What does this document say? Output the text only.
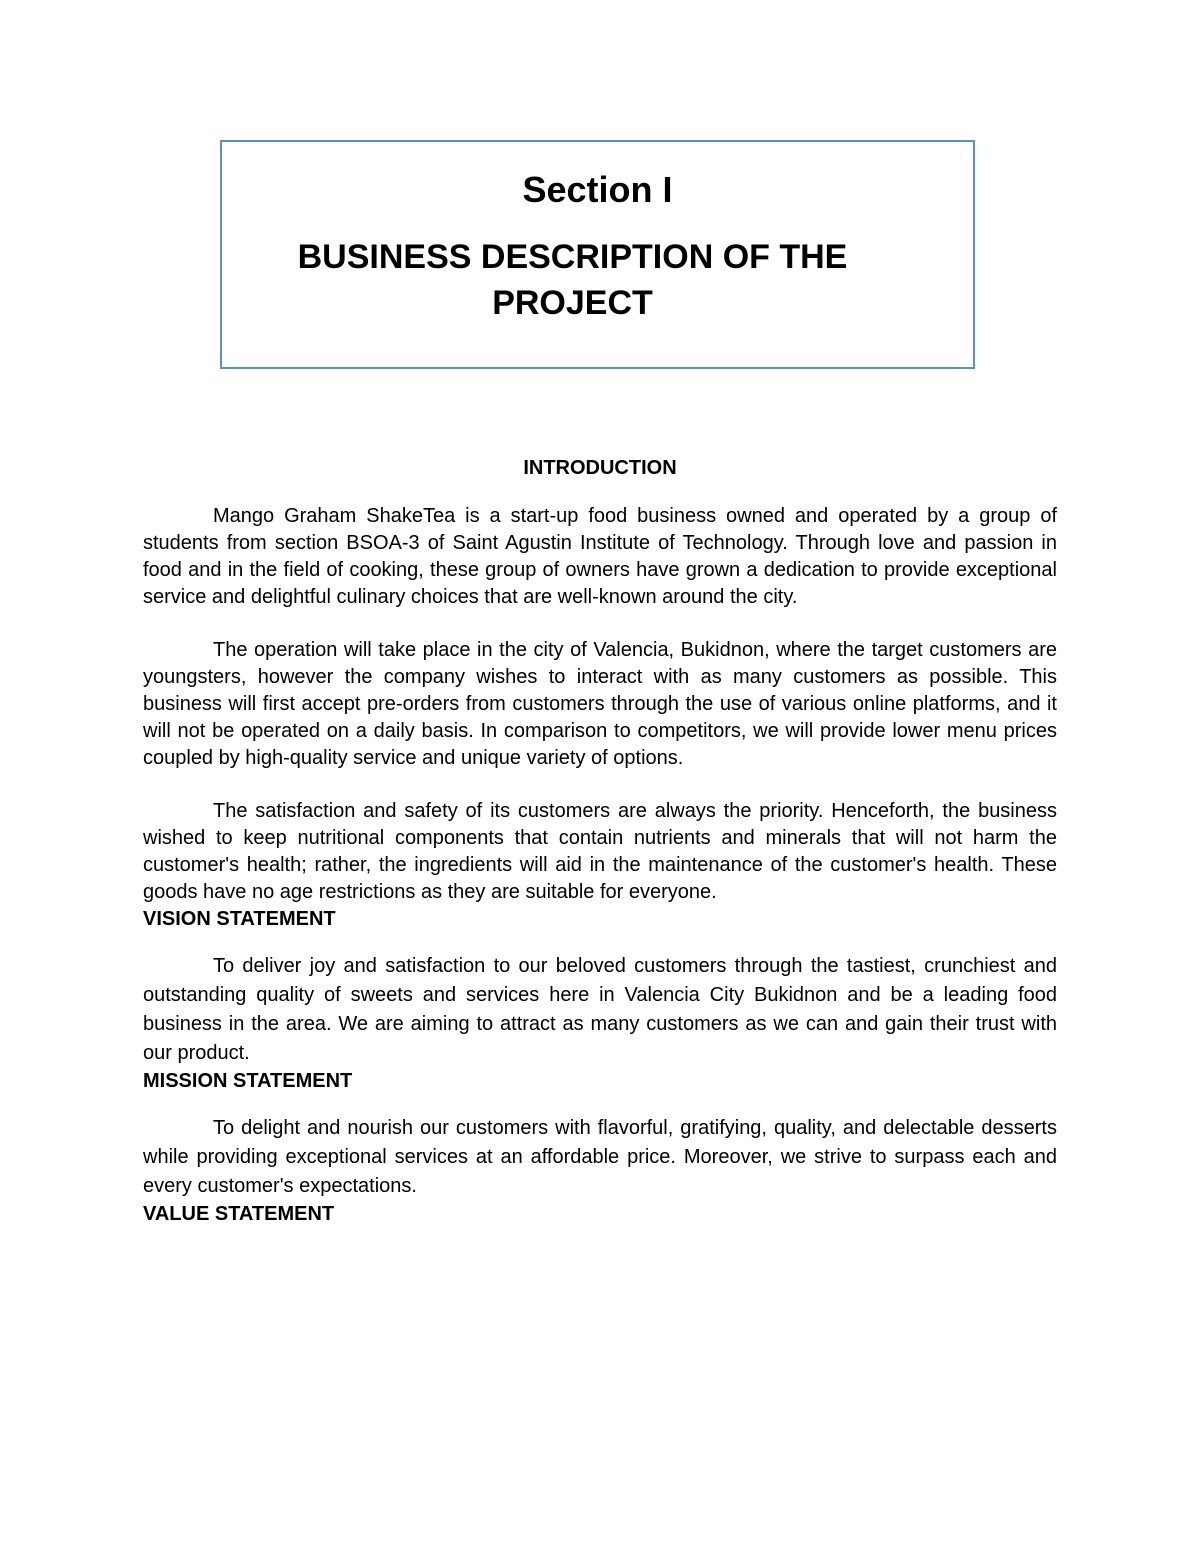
Section I
BUSINESS DESCRIPTION OF THE PROJECT
INTRODUCTION

Mango Graham ShakeTea is a start-up food business owned and operated by a group of students from section BSOA-3 of Saint Agustin Institute of Technology. Through love and passion in food and in the field of cooking, these group of owners have grown a dedication to provide exceptional service and delightful culinary choices that are well-known around the city.

The operation will take place in the city of Valencia, Bukidnon, where the target customers are youngsters, however the company wishes to interact with as many customers as possible. This business will first accept pre-orders from customers through the use of various online platforms, and it will not be operated on a daily basis. In comparison to competitors, we will provide lower menu prices coupled by high-quality service and unique variety of options.

The satisfaction and safety of its customers are always the priority. Henceforth, the business wished to keep nutritional components that contain nutrients and minerals that will not harm the customer's health; rather, the ingredients will aid in the maintenance of the customer's health. These goods have no age restrictions as they are suitable for everyone.

VISION STATEMENT

To deliver joy and satisfaction to our beloved customers through the tastiest, crunchiest and outstanding quality of sweets and services here in Valencia City Bukidnon and be a leading food business in the area. We are aiming to attract as many customers as we can and gain their trust with our product.

MISSION STATEMENT

To delight and nourish our customers with flavorful, gratifying, quality, and delectable desserts while providing exceptional services at an affordable price. Moreover, we strive to surpass each and every customer's expectations.

VALUE STATEMENT
